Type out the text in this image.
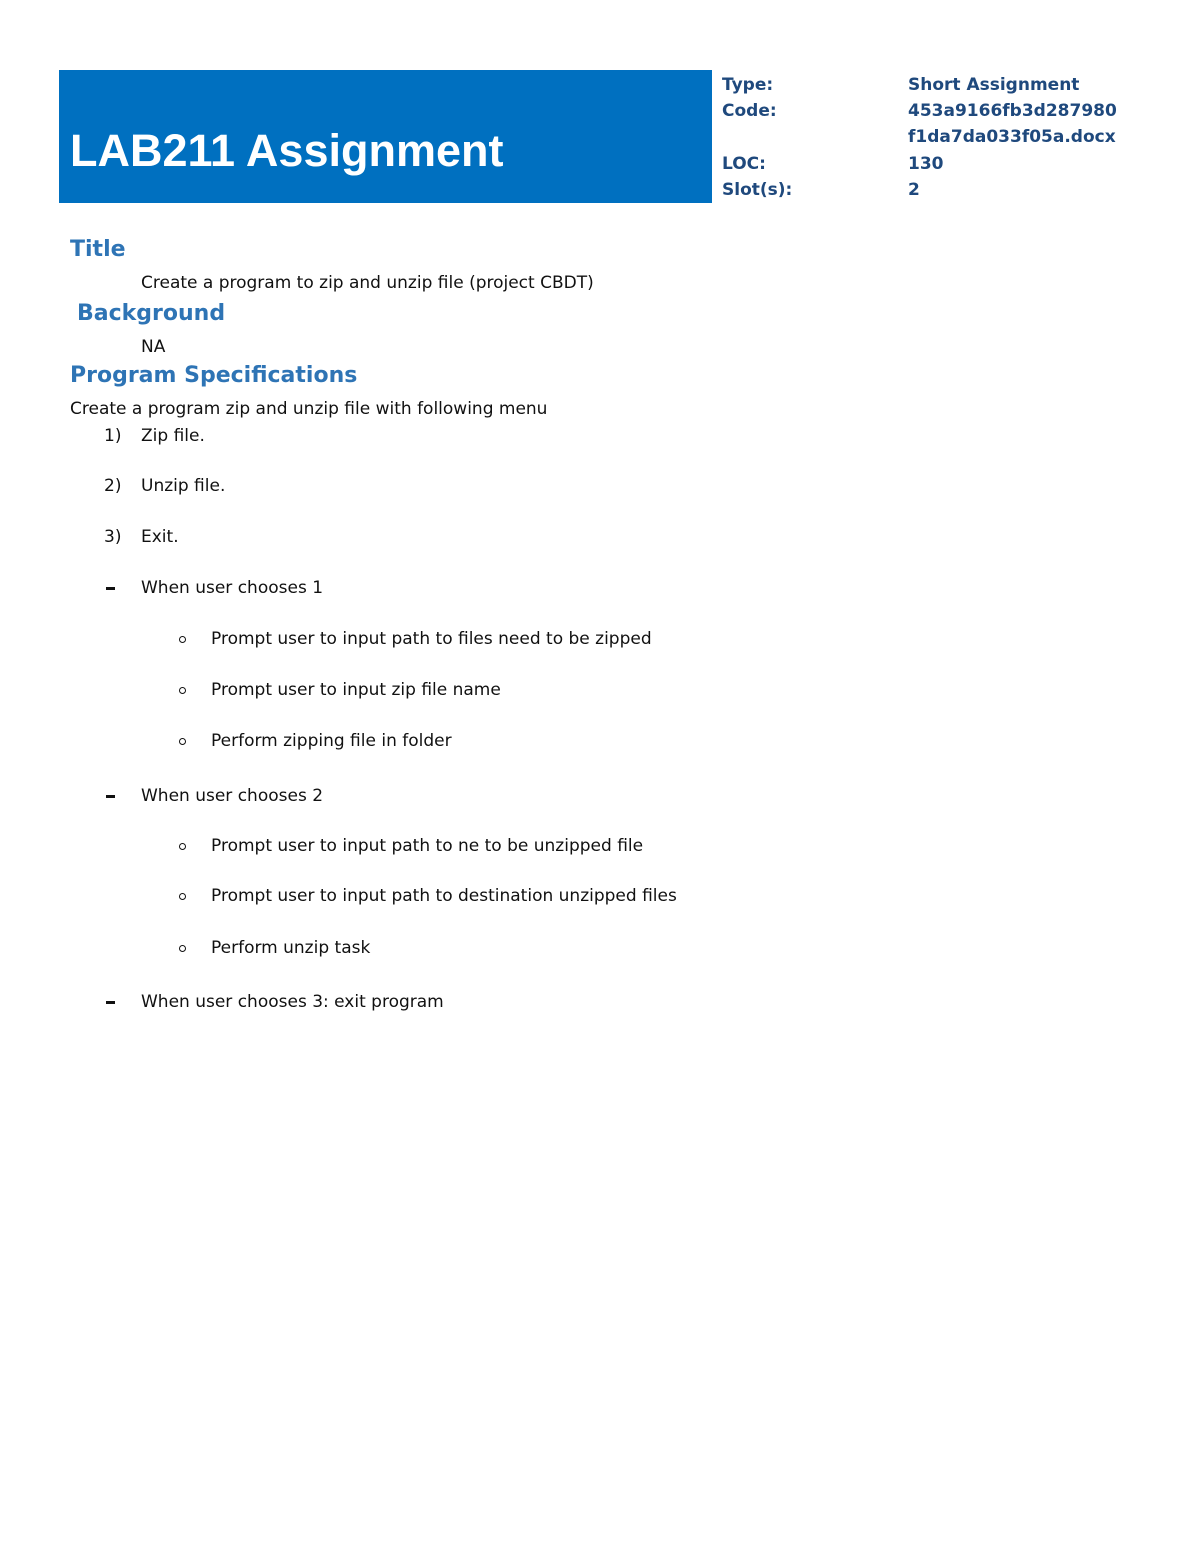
LAB211 Assignment
Type:	Short Assignment
Code:	453a9166fb3d287980
f1da7da033f05a.docx
LOC:	130
Slot(s):	2
Title
Create a program to zip and unzip file (project CBDT)
Background
NA
Program Specifications
Create a program zip and unzip file with following menu
1) Zip file.
2) Unzip file.
3) Exit.
When user chooses 1
Prompt user to input path to files need to be zipped
Prompt user to input zip file name
Perform zipping file in folder
When user chooses 2
Prompt user to input path to ne to be unzipped file
Prompt user to input path to destination unzipped files
Perform unzip task
When user chooses 3: exit program
